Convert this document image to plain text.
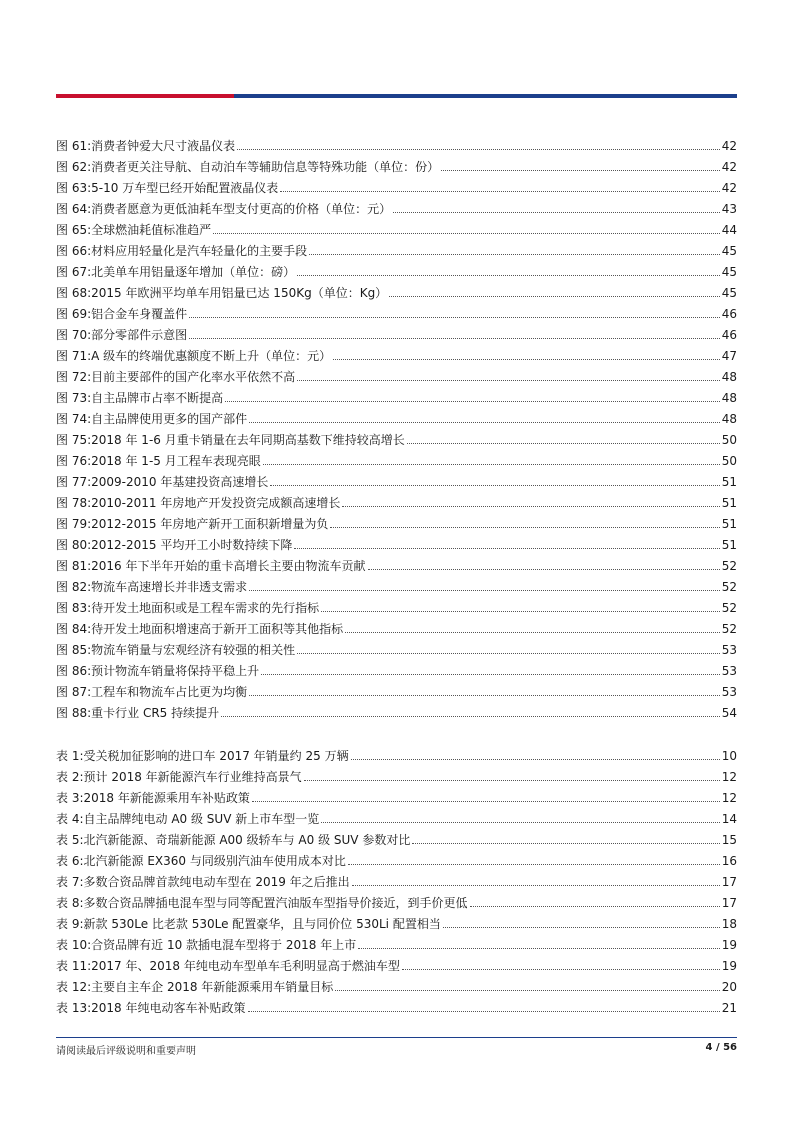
图 61: 消费者钟爱大尺寸液晶仪表	42
图 62: 消费者更关注导航、自动泊车等辅助信息等特殊功能（单位：份）	42
图 63: 5-10 万车型已经开始配置液晶仪表	42
图 64: 消费者愿意为更低油耗车型支付更高的价格（单位：元）	43
图 65: 全球燃油耗值标准趋严	44
图 66: 材料应用轻量化是汽车轻量化的主要手段	45
图 67: 北美单车用铝量逐年增加（单位：磅）	45
图 68: 2015 年欧洲平均单车用铝量已达 150Kg（单位：Kg）	45
图 69: 铝合金车身覆盖件	46
图 70: 部分零部件示意图	46
图 71: A 级车的终端优惠额度不断上升（单位：元）	47
图 72: 目前主要部件的国产化率水平依然不高	48
图 73: 自主品牌市占率不断提高	48
图 74: 自主品牌使用更多的国产部件	48
图 75: 2018 年 1-6 月重卡销量在去年同期高基数下维持较高增长	50
图 76: 2018 年 1-5 月工程车表现亮眼	50
图 77: 2009-2010 年基建投资高速增长	51
图 78: 2010-2011 年房地产开发投资完成额高速增长	51
图 79: 2012-2015 年房地产新开工面积新增量为负	51
图 80: 2012-2015 平均开工小时数持续下降	51
图 81: 2016 年下半年开始的重卡高增长主要由物流车贡献	52
图 82: 物流车高速增长并非透支需求	52
图 83: 待开发土地面积或是工程车需求的先行指标	52
图 84: 待开发土地面积增速高于新开工面积等其他指标	52
图 85: 物流车销量与宏观经济有较强的相关性	53
图 86: 预计物流车销量将保持平稳上升	53
图 87: 工程车和物流车占比更为均衡	53
图 88: 重卡行业 CR5 持续提升	54
表 1: 受关税加征影响的进口车 2017 年销量约 25 万辆	10
表 2: 预计 2018 年新能源汽车行业维持高景气	12
表 3: 2018 年新能源乘用车补贴政策	12
表 4: 自主品牌纯电动 A0 级 SUV 新上市车型一览	14
表 5: 北汽新能源、奇瑞新能源 A00 级轿车与 A0 级 SUV 参数对比	15
表 6: 北汽新能源 EX360 与同级别汽油车使用成本对比	16
表 7: 多数合资品牌首款纯电动车型在 2019 年之后推出	17
表 8: 多数合资品牌插电混车型与同等配置汽油版车型指导价接近，到手价更低	17
表 9: 新款 530Le 比老款 530Le 配置豪华，且与同价位 530Li 配置相当	18
表 10: 合资品牌有近 10 款插电混车型将于 2018 年上市	19
表 11: 2017 年、2018 年纯电动车型单车毛利明显高于燃油车型	19
表 12: 主要自主车企 2018 年新能源乘用车销量目标	20
表 13: 2018 年纯电动客车补贴政策	21
请阅读最后评级说明和重要声明	4 / 56
